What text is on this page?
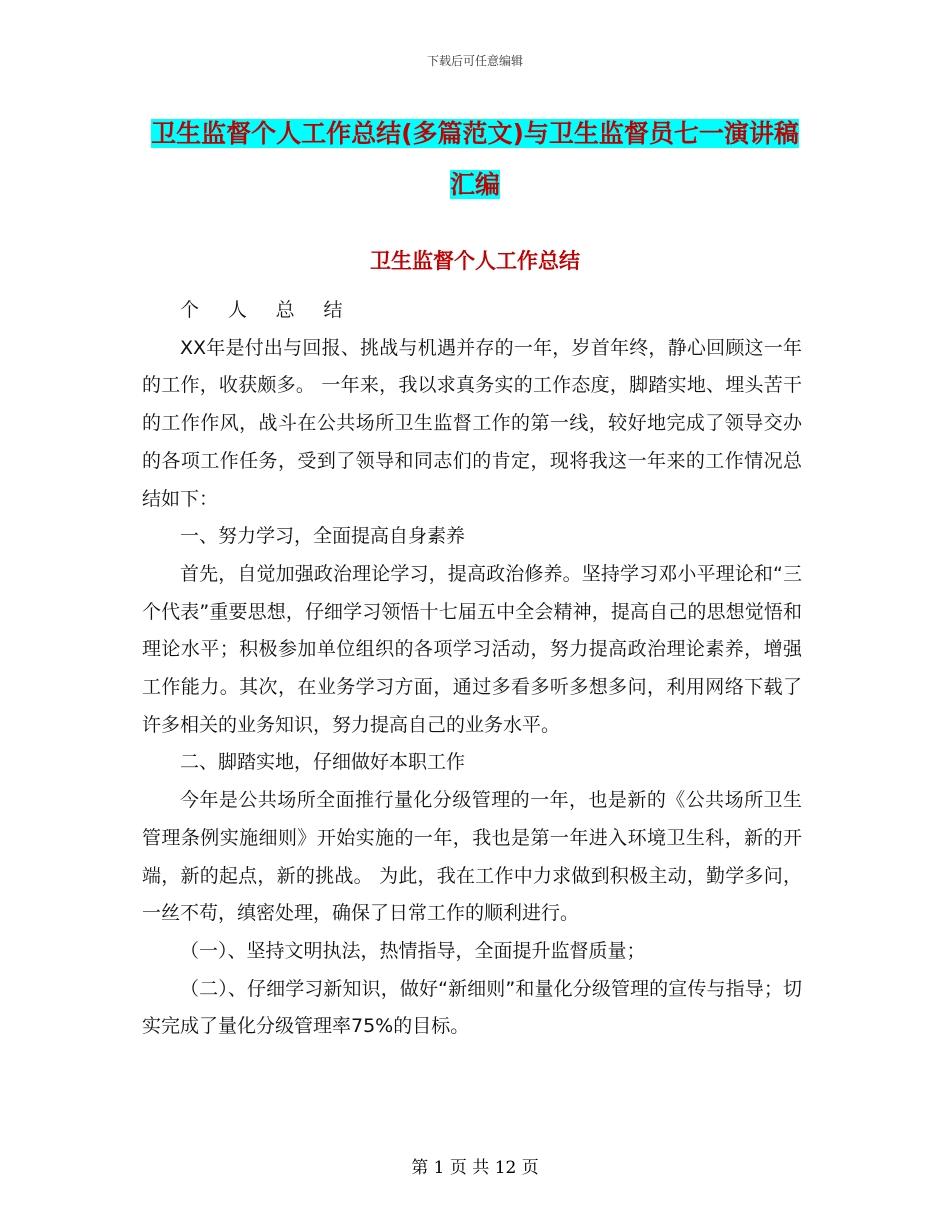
下载后可任意编辑
卫生监督个人工作总结(多篇范文)与卫生监督员七一演讲稿汇编
卫生监督个人工作总结

个 人 总 结

XX年是付出与回报、挑战与机遇并存的一年，岁首年终，静心回顾这一年的工作，收获颇多。 一年来，我以求真务实的工作态度，脚踏实地、埋头苦干的工作作风，战斗在公共场所卫生监督工作的第一线，较好地完成了领导交办的各项工作任务，受到了领导和同志们的肯定，现将我这一年来的工作情况总结如下：

一、努力学习，全面提高自身素养

首先，自觉加强政治理论学习，提高政治修养。坚持学习邓小平理论和“三个代表”重要思想，仔细学习领悟十七届五中全会精神，提高自己的思想觉悟和理论水平；积极参加单位组织的各项学习活动，努力提高政治理论素养，增强工作能力。其次，在业务学习方面，通过多看多听多想多问，利用网络下载了许多相关的业务知识，努力提高自己的业务水平。

二、脚踏实地，仔细做好本职工作

今年是公共场所全面推行量化分级管理的一年，也是新的《公共场所卫生管理条例实施细则》开始实施的一年，我也是第一年进入环境卫生科，新的开端，新的起点，新的挑战。 为此，我在工作中力求做到积极主动，勤学多问，一丝不苟，缜密处理，确保了日常工作的顺利进行。

（一）、坚持文明执法，热情指导，全面提升监督质量；

（二）、仔细学习新知识，做好“新细则”和量化分级管理的宣传与指导；切实完成了量化分级管理率75%的目标。

第 1 页 共 12 页
